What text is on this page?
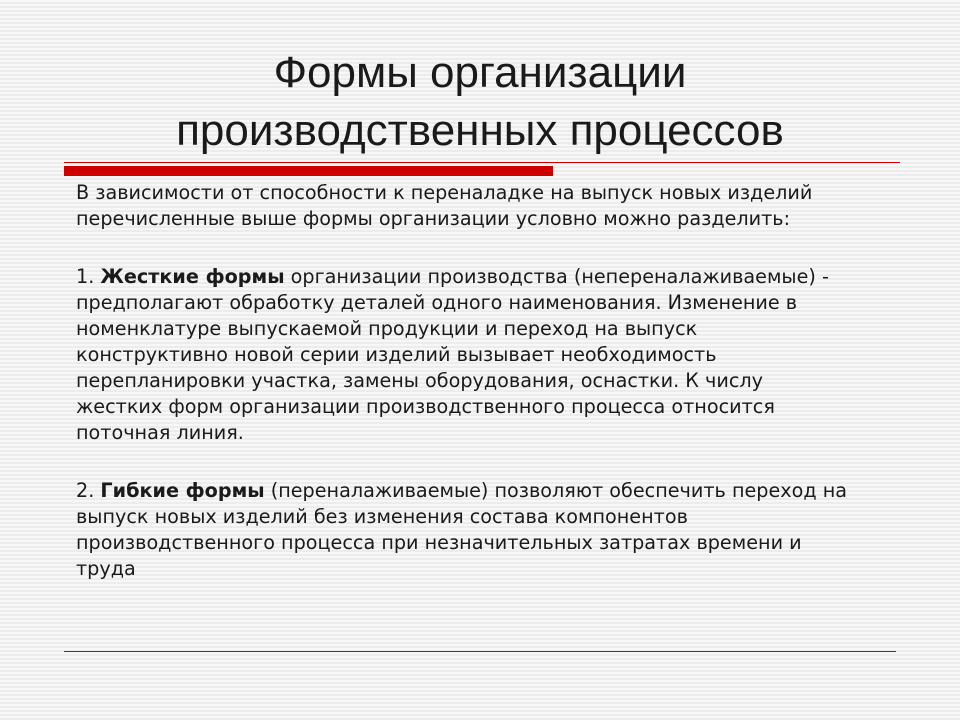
Формы организации
производственных процессов

В зависимости от способности к переналадке на выпуск новых изделий
перечисленные выше формы организации условно можно разделить:

1. Жесткие формы организации производства (непереналаживаемые) -
предполагают обработку деталей одного наименования. Изменение в
номенклатуре выпускаемой продукции и переход на выпуск
конструктивно новой серии изделий вызывает необходимость
перепланировки участка, замены оборудования, оснастки. К числу
жестких форм организации производственного процесса относится
поточная линия.

2. Гибкие формы (переналаживаемые) позволяют обеспечить переход на
выпуск новых изделий без изменения состава компонентов
производственного процесса при незначительных затратах времени и
труда
